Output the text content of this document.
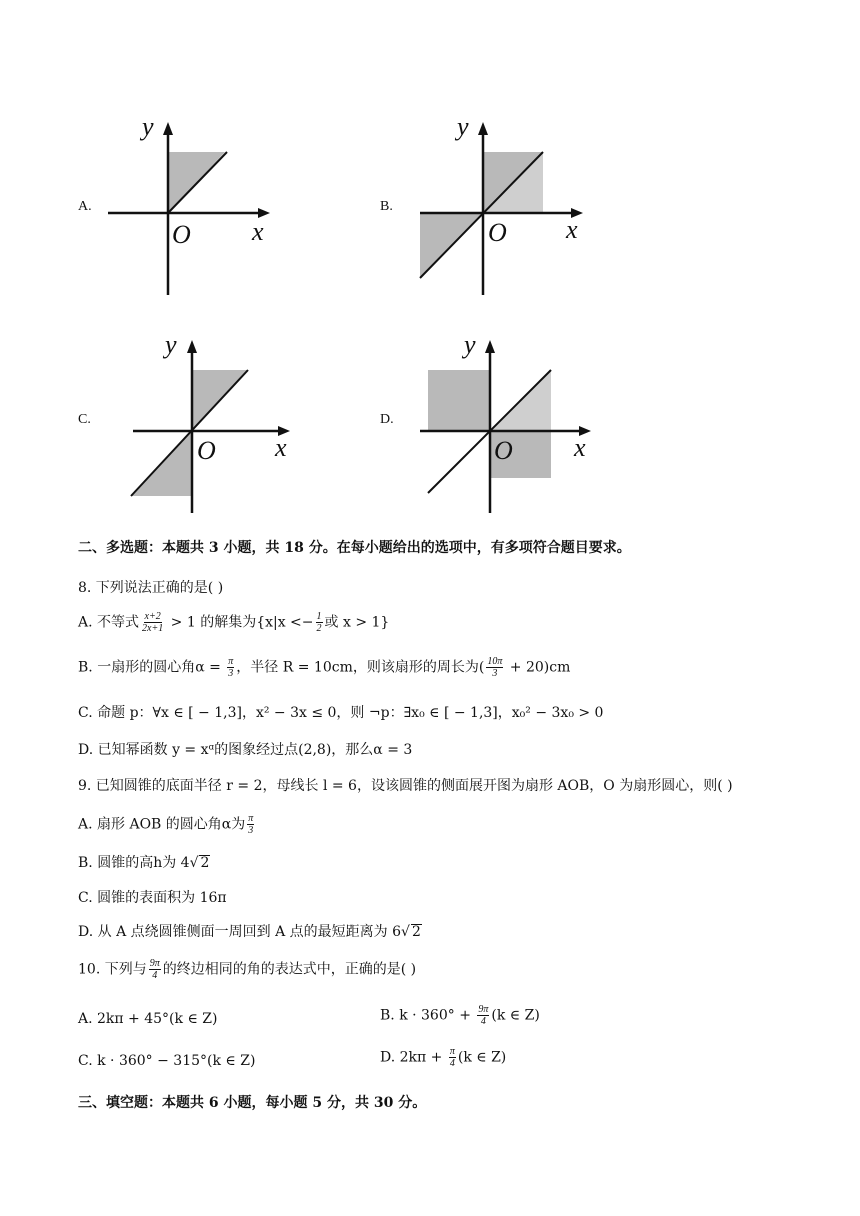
A.
y
x
O
B.
y
x
O
C.
y
x
O
D.
y
x
O
二、多选题：本题共 3 小题，共 18 分。在每小题给出的选项中，有多项符合题目要求。
8. 下列说法正确的是( )
A. 不等式 $\frac{x+2}{2x+1} > 1$ 的解集为{$x|x <- \frac{1}{2}$ 或 x > 1}
B. 一扇形的圆心角$\alpha = \frac{\pi}{3}$ ，半径 R = 10cm，则该扇形的周长为( $\frac{10\pi}{3} + 20)cm$
C. 命题 p：∀x ∈ [ − 1,3]，x² − 3x ≤ 0，则 ¬p：∃x₀ ∈ [ − 1,3]，x₀² − 3x₀ > 0
D. 已知幂函数 y = xᵅ的图象经过点(2,8)，那么α = 3
9. 已知圆锥的底面半径 r = 2，母线长 l = 6，设该圆锥的侧面展开图为扇形 AOB，O 为扇形圆心，则( )
A. 扇形 AOB 的圆心角α为 $\frac{\pi}{3}$
B. 圆锥的高h为 4√ 2
C. 圆锥的表面积为 16π
D. 从 A 点绕圆锥侧面一周回到 A 点的最短距离为 6√ 2
10. 下列与 $\frac{9\pi}{4}$ 的终边相同的角的表达式中，正确的是( )
A. 2kπ + 45°(k ∈ Z)	B. $k \cdot 360^\circ + \frac{9\pi}{4} (k$ ∈ Z)
C. k · 360° − 315°(k ∈ Z)	D. $2k\pi + \frac{\pi}{4} (k$ ∈ Z)
三、填空题：本题共 6 小题，每小题 5 分，共 30 分。
